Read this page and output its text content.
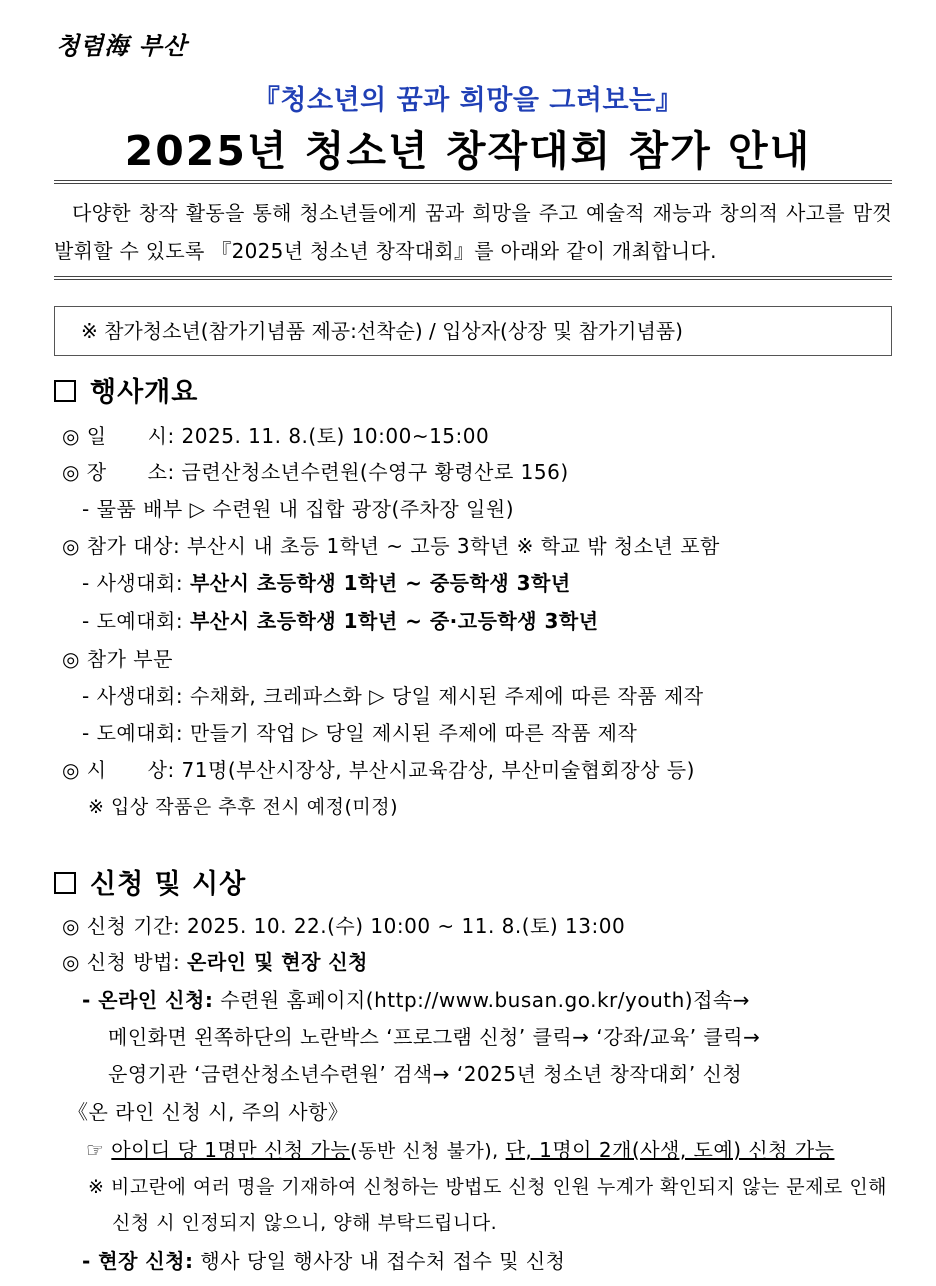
청렴海 부산
『청소년의 꿈과 희망을 그려보는』
2025년 청소년 창작대회 참가 안내
다양한 창작 활동을 통해 청소년들에게 꿈과 희망을 주고 예술적 재능과 창의적 사고를 맘껏 발휘할 수 있도록 『2025년 청소년 창작대회』를 아래와 같이 개최합니다.
※ 참가청소년(참가기념품 제공:선착순) / 입상자(상장 및 참가기념품)
행사개요
◎ 일　　시: 2025. 11. 8.(토) 10:00~15:00
◎ 장　　소: 금련산청소년수련원(수영구 황령산로 156)
- 물품 배부 ▷ 수련원 내 집합 광장(주차장 일원)
◎ 참가 대상: 부산시 내 초등 1학년 ~ 고등 3학년 ※ 학교 밖 청소년 포함
- 사생대회: 부산시 초등학생 1학년 ~ 중등학생 3학년
- 도예대회: 부산시 초등학생 1학년 ~ 중·고등학생 3학년
◎ 참가 부문
- 사생대회: 수채화, 크레파스화 ▷ 당일 제시된 주제에 따른 작품 제작
- 도예대회: 만들기 작업 ▷ 당일 제시된 주제에 따른 작품 제작
◎ 시　　상: 71명(부산시장상, 부산시교육감상, 부산미술협회장상 등)
※ 입상 작품은 추후 전시 예정(미정)
신청 및 시상
◎ 신청 기간: 2025. 10. 22.(수) 10:00 ~ 11. 8.(토) 13:00
◎ 신청 방법: 온라인 및 현장 신청
- 온라인 신청: 수련원 홈페이지(http://www.busan.go.kr/youth)접속→
메인화면 왼쪽하단의 노란박스 ‘프로그램 신청’ 클릭→ ‘강좌/교육’ 클릭→
운영기관 ‘금련산청소년수련원’ 검색→ ‘2025년 청소년 창작대회’ 신청
《온 라인 신청 시, 주의 사항》
☞ 아이디 당 1명만 신청 가능(동반 신청 불가), 단, 1명이 2개(사생, 도예) 신청 가능
※ 비고란에 여러 명을 기재하여 신청하는 방법도 신청 인원 누계가 확인되지 않는 문제로 인해
신청 시 인정되지 않으니, 양해 부탁드립니다.
- 현장 신청: 행사 당일 행사장 내 접수처 접수 및 신청
